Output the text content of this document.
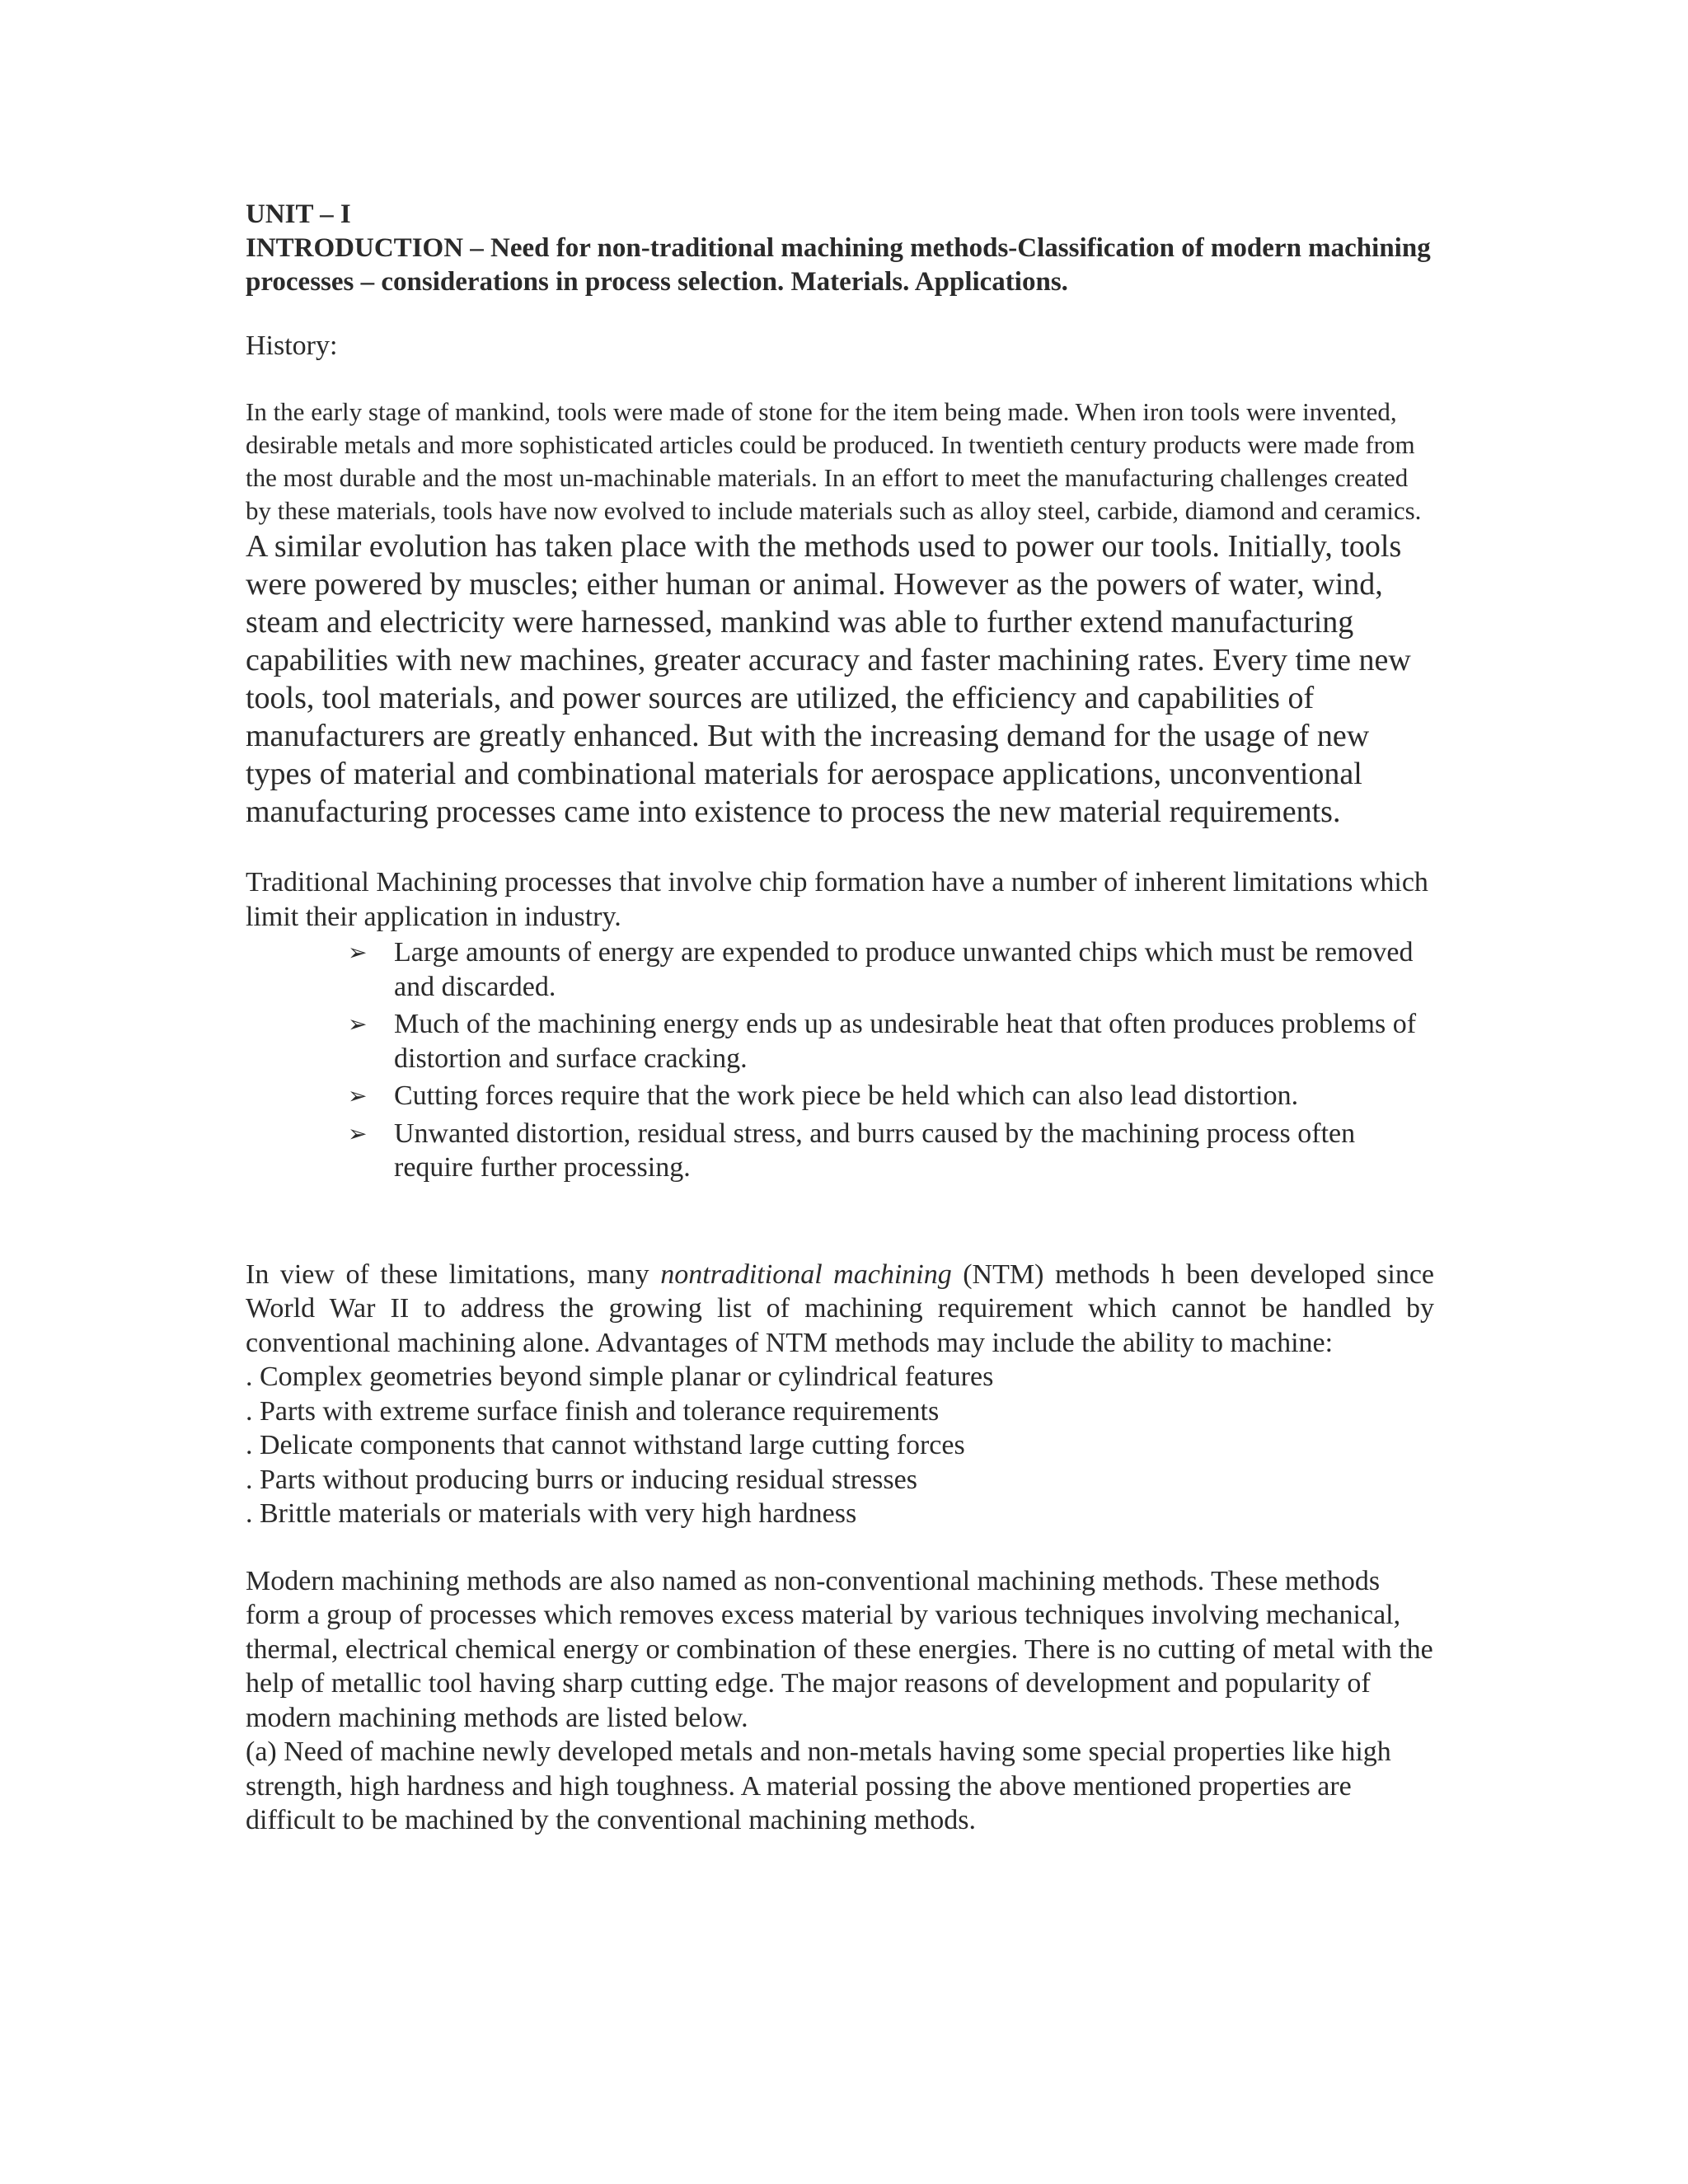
UNIT – I

INTRODUCTION – Need for non-traditional machining methods-Classification of modern machining processes – considerations in process selection. Materials. Applications.

History:

In the early stage of mankind, tools were made of stone for the item being made. When iron tools were invented, desirable metals and more sophisticated articles could be produced. In twentieth century products were made from the most durable and the most un-machinable materials. In an effort to meet the manufacturing challenges created by these materials, tools have now evolved to include materials such as alloy steel, carbide, diamond and ceramics.

A similar evolution has taken place with the methods used to power our tools. Initially, tools were powered by muscles; either human or animal. However as the powers of water, wind, steam and electricity were harnessed, mankind was able to further extend manufacturing capabilities with new machines, greater accuracy and faster machining rates. Every time new tools, tool materials, and power sources are utilized, the efficiency and capabilities of manufacturers are greatly enhanced. But with the increasing demand for the usage of new types of material and combinational materials for aerospace applications, unconventional manufacturing processes came into existence to process the new material requirements.

Traditional Machining processes that involve chip formation have a number of inherent limitations which limit their application in industry.

➢ Large amounts of energy are expended to produce unwanted chips which must be removed and discarded.
➢ Much of the machining energy ends up as undesirable heat that often produces problems of distortion and surface cracking.
➢ Cutting forces require that the work piece be held which can also lead distortion.
➢ Unwanted distortion, residual stress, and burrs caused by the machining process often require further processing.

In view of these limitations, many nontraditional machining (NTM) methods h been developed since World War II to address the growing list of machining requirement which cannot be handled by conventional machining alone. Advantages of NTM methods may include the ability to machine:

. Complex geometries beyond simple planar or cylindrical features
. Parts with extreme surface finish and tolerance requirements
. Delicate components that cannot withstand large cutting forces
. Parts without producing burrs or inducing residual stresses
. Brittle materials or materials with very high hardness

Modern machining methods are also named as non-conventional machining methods. These methods form a group of processes which removes excess material by various techniques involving mechanical, thermal, electrical chemical energy or combination of these energies. There is no cutting of metal with the help of metallic tool having sharp cutting edge. The major reasons of development and popularity of modern machining methods are listed below.

(a) Need of machine newly developed metals and non-metals having some special properties like high strength, high hardness and high toughness. A material possing the above mentioned properties are difficult to be machined by the conventional machining methods.
